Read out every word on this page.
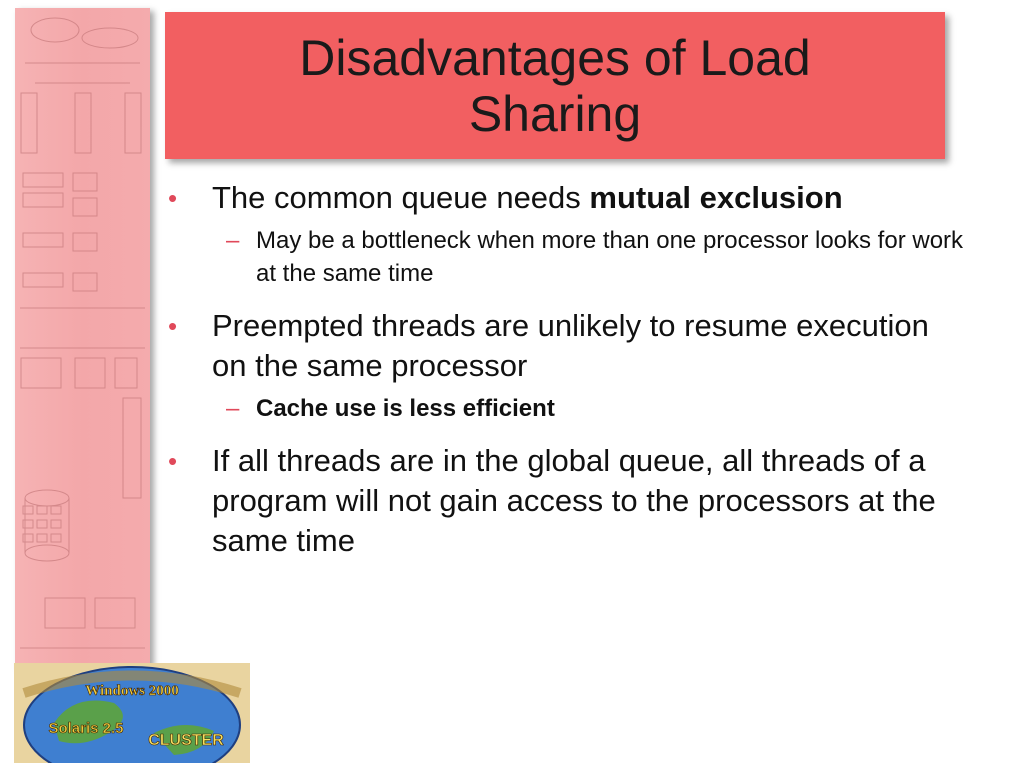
Disadvantages of Load Sharing
• The common queue needs mutual exclusion
– May be a bottleneck when more than one processor looks for work at the same time
• Preempted threads are unlikely to resume execution on the same processor
– Cache use is less efficient
• If all threads are in the global queue, all threads of a program will not gain access to the processors at the same time
Windows 2000
Solaris 2.5
CLUSTER
